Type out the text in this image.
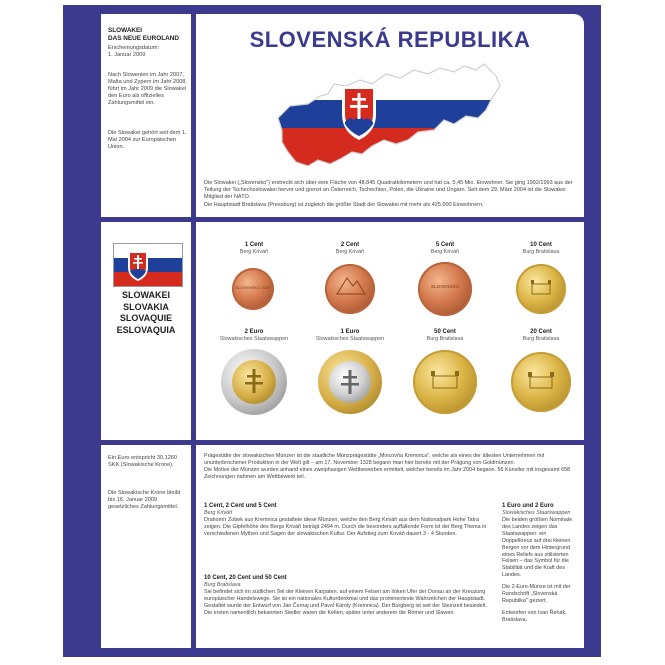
SLOWAKEI
DAS NEUE EUROLAND
Erscheinungsdatum:
1. Januar 2009
Nach Slowenien im Jahr 2007, Malta und Zypern im Jahr 2008, führt im Jahr 2009 die Slowakei den Euro als offizielles Zahlungsmittel ein.
Die Slowakei gehört seit dem 1. Mai 2004 zur Europäischen Union.
SLOVENSKÁ REPUBLIKA
Die Slowakei („Slovensko") erstreckt sich über eine Fläche von 48.845 Quadratkilometern und hat ca. 5,45 Mio. Einwohner. Sie ging 1992/1993 aus der Teilung der Tschechoslowakei hervor und grenzt an Österreich, Tschechien, Polen, die Ukraine und Ungarn. Seit dem 29. März 2004 ist die Slowakei Mitglied der NATO.
Die Hauptstadt Bratislava (Pressburg) ist zugleich die größte Stadt der Slowakei mit mehr als 425.000 Einwohnern.
SLOWAKEI
SLOVAKIA
SLOVAQUIE
ESLOVAQUIA
1 Cent
Berg Kriváň
SLOVENSKO 2009
2 Cent
Berg Kriváň
5 Cent
Berg Kriváň
SLOVENSKO
10 Cent
Burg Bratislava
2 Euro
Slowakisches Staatswappen
1 Euro
Slowakisches Staatswappen
50 Cent
Burg Bratislava
20 Cent
Burg Bratislava
Ein Euro entspricht 30,1260 SKK (Slowakische Krone).
Die Slowakische Krone bleibt bis 16. Januar 2009 gesetzliches Zahlungsmittel.
Prägestätte der slowakischen Münzen ist die staatliche Münzprägestätte „Mincovňa Kremnica", welche als eines der ältesten Unternehmen mit ununterbrochener Produktion in der Welt gilt – am 17. November 1328 begann man hier bereits mit der Prägung von Goldmünzen.
Die Motive der Münzen wurden anhand eines zweiphasigen Wettbewerbes ermittelt, welcher bereits im Jahr 2004 begann. 56 Künstler mit insgesamt 658 Zeichnungen nahmen am Wettbewerb teil.
1 Cent, 2 Cent und 5 Cent
Berg Kriváň
Drahomír Zobek aus Kremnica gestaltete diese Münzen, welche den Berg Kriváň aus dem Nationalpark Hohe Tatra zeigen. Die Gipfelhöhe des Bergs Kriváň beträgt 2494 m. Durch die besonders auffallende Form ist der Berg Thema in verschiedenen Mythen und Sagen der slowakischen Kultur. Der Aufstieg zum Kriváň dauert 3 - 4 Stunden.
10 Cent, 20 Cent und 50 Cent
Burg Bratislava
Sie befindet sich im südlichen Teil der Kleinen Karpaten, auf einem Felsen am linken Ufer der Donau an der Kreuzung europäischer Handelswege. Sie ist ein nationales Kulturdenkmal und das prominenteste Wahrzeichen der Hauptstadt. Gestaltet wurde der Entwurf von Ján Černaj und Pavol Károly (Kremnica). Der Burgberg ist seit der Steinzeit besiedelt. Die ersten namentlich bekannten Siedler waren die Kelten, später unter anderem die Römer und Slawen.
1 Euro und 2 Euro
Slowakisches Staatswappen
Die beiden größten Nominale des Landes zeigen das Staatswappen: ein Doppelkreuz auf drei kleinen Bergen vor dem Hintergrund eines Reliefs aus stilisierten Felsen – das Symbol für die Stabilität und die Kraft des Landes.
Die 2-Euro-Münze ist mit der Randschrift „Slovenská Republika" geziert.
Entworfen von Ivan Řehák, Bratislava.
